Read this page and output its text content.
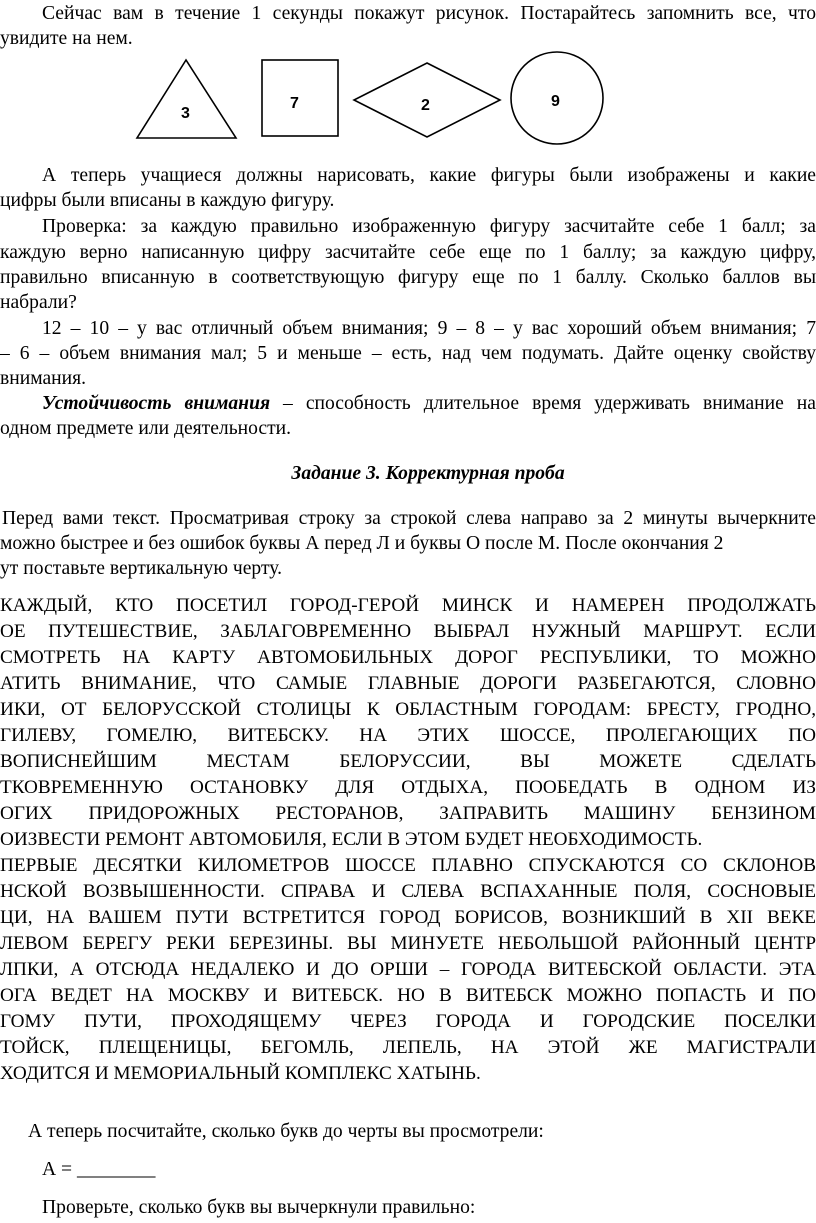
Сейчас вам в течение 1 секунды покажут рисунок. Постарайтесь запомнить все, что
увидите на нем.
3
7	2	9
А теперь учащиеся должны нарисовать, какие фигуры были изображены и какие
цифры были вписаны в каждую фигуру.
Проверка: за каждую правильно изображенную фигуру засчитайте себе 1 балл; за
каждую верно написанную цифру засчитайте себе еще по 1 баллу; за каждую цифру,
правильно вписанную в соответствующую фигуру еще по 1 баллу. Сколько баллов вы
набрали?
12 – 10 – у вас отличный объем внимания; 9 – 8 – у вас хороший объем внимания; 7
– 6 – объем внимания мал; 5 и меньше – есть, над чем подумать. Дайте оценку свойству
внимания.
Устойчивость внимания – способность длительное время удерживать внимание на
одном предмете или деятельности.
Задание 3. Корректурная проба
Перед вами текст. Просматривая строку за строкой слева направо за 2 минуты вычеркните
можно быстрее и без ошибок буквы А перед Л и буквы О после М. После окончания 2
ут поставьте вертикальную черту.
КАЖДЫЙ, КТО ПОСЕТИЛ ГОРОД-ГЕРОЙ МИНСК И НАМЕРЕН ПРОДОЛЖАТЬ
ОЕ ПУТЕШЕСТВИЕ, ЗАБЛАГОВРЕМЕННО ВЫБРАЛ НУЖНЫЙ МАРШРУТ. ЕСЛИ
СМОТРЕТЬ НА КАРТУ АВТОМОБИЛЬНЫХ ДОРОГ РЕСПУБЛИКИ, ТО МОЖНО
АТИТЬ ВНИМАНИЕ, ЧТО САМЫЕ ГЛАВНЫЕ ДОРОГИ РАЗБЕГАЮТСЯ, СЛОВНО
ИКИ, ОТ БЕЛОРУССКОЙ СТОЛИЦЫ К ОБЛАСТНЫМ ГОРОДАМ: БРЕСТУ, ГРОДНО,
ГИЛЕВУ, ГОМЕЛЮ, ВИТЕБСКУ. НА ЭТИХ ШОССЕ, ПРОЛЕГАЮЩИХ ПО
ВОПИСНЕЙШИМ МЕСТАМ БЕЛОРУССИИ, ВЫ МОЖЕТЕ СДЕЛАТЬ
ТКОВРЕМЕННУЮ ОСТАНОВКУ ДЛЯ ОТДЫХА, ПООБЕДАТЬ В ОДНОМ ИЗ
ОГИХ ПРИДОРОЖНЫХ РЕСТОРАНОВ, ЗАПРАВИТЬ МАШИНУ БЕНЗИНОМ
ОИЗВЕСТИ РЕМОНТ АВТОМОБИЛЯ, ЕСЛИ В ЭТОМ БУДЕТ НЕОБХОДИМОСТЬ.
ПЕРВЫЕ ДЕСЯТКИ КИЛОМЕТРОВ ШОССЕ ПЛАВНО СПУСКАЮТСЯ СО СКЛОНОВ
НСКОЙ ВОЗВЫШЕННОСТИ. СПРАВА И СЛЕВА ВСПАХАННЫЕ ПОЛЯ, СОСНОВЫЕ
ЦИ, НА ВАШЕМ ПУТИ ВСТРЕТИТСЯ ГОРОД БОРИСОВ, ВОЗНИКШИЙ В XII ВЕКЕ
ЛЕВОМ БЕРЕГУ РЕКИ БЕРЕЗИНЫ. ВЫ МИНУЕТЕ НЕБОЛЬШОЙ РАЙОННЫЙ ЦЕНТР
ЛПКИ, А ОТСЮДА НЕДАЛЕКО И ДО ОРШИ – ГОРОДА ВИТЕБСКОЙ ОБЛАСТИ. ЭТА
ОГА ВЕДЕТ НА МОСКВУ И ВИТЕБСК. НО В ВИТЕБСК МОЖНО ПОПАСТЬ И ПО
ГОМУ ПУТИ, ПРОХОДЯЩЕМУ ЧЕРЕЗ ГОРОДА И ГОРОДСКИЕ ПОСЕЛКИ
ТОЙСК, ПЛЕЩЕНИЦЫ, БЕГОМЛЬ, ЛЕПЕЛЬ, НА ЭТОЙ ЖЕ МАГИСТРАЛИ
ХОДИТСЯ И МЕМОРИАЛЬНЫЙ КОМПЛЕКС ХАТЫНЬ.
А теперь посчитайте, сколько букв до черты вы просмотрели:
А = ________
Проверьте, сколько букв вы вычеркнули правильно:
